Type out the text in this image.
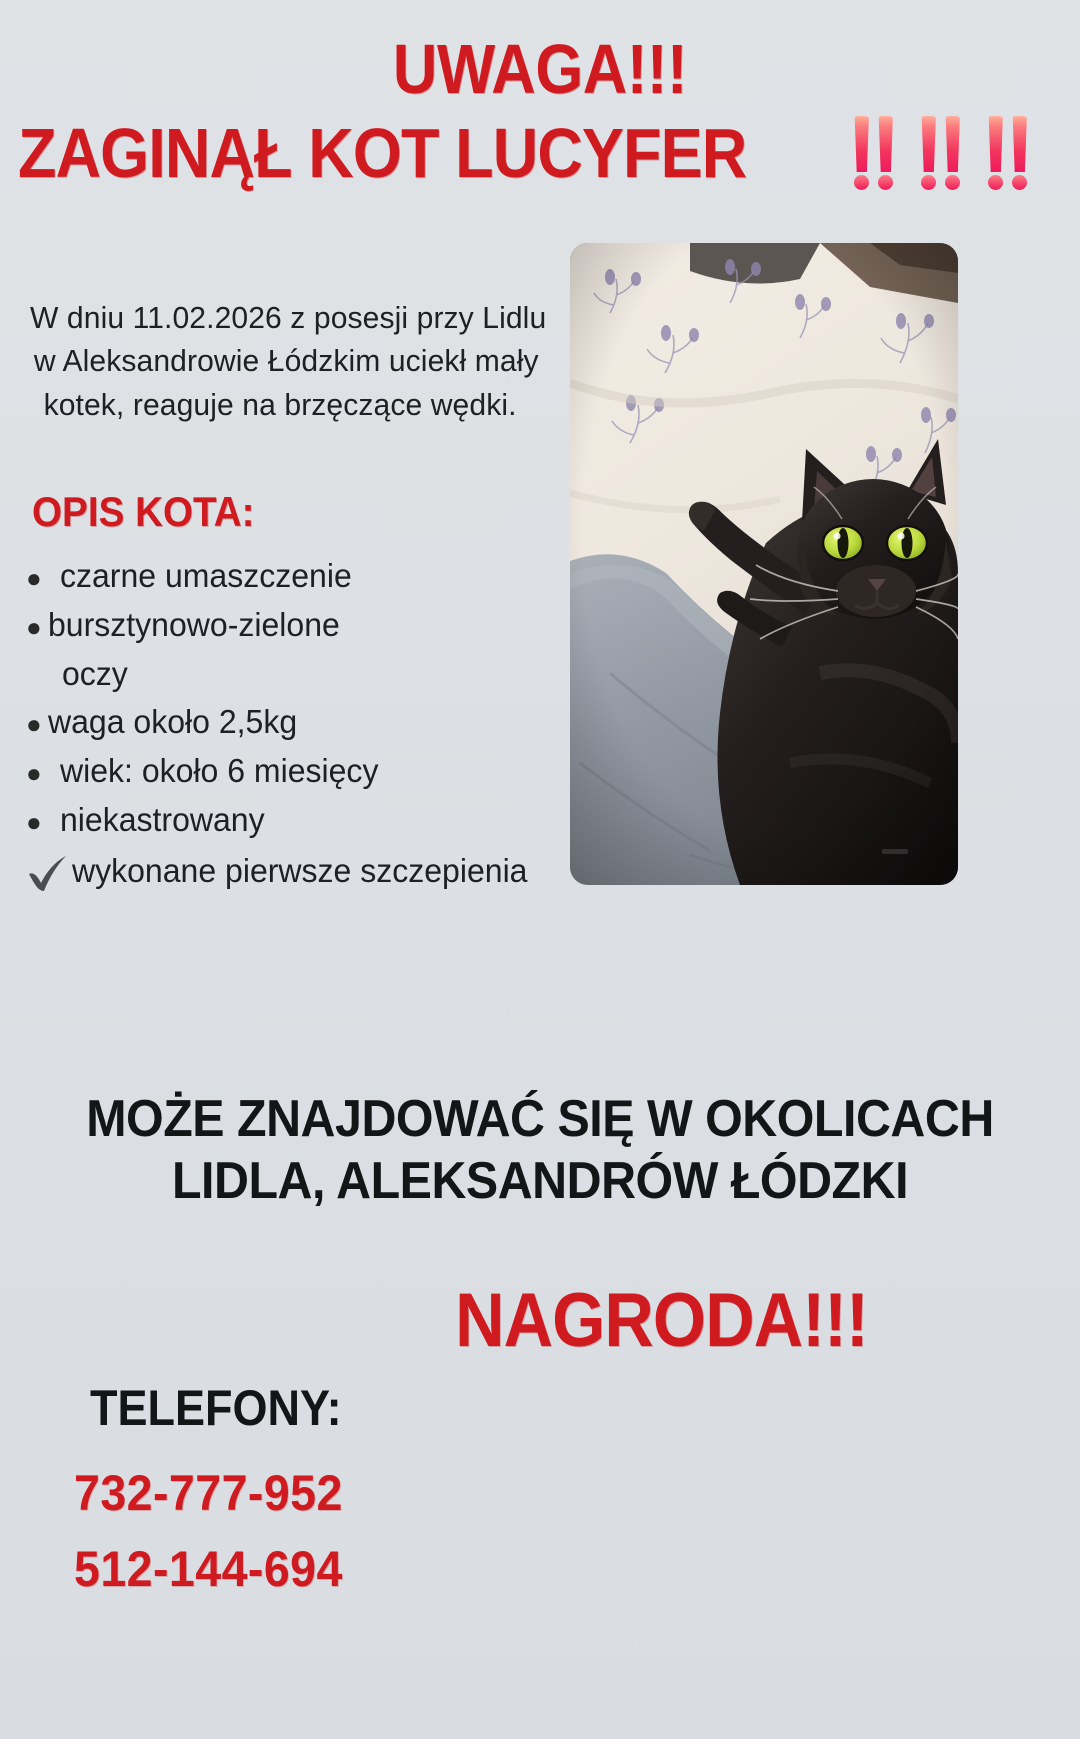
UWAGA!!!
ZAGINĄŁ KOT LUCYFER
W dniu 11.02.2026 z posesji przy Lidlu
w Aleksandrowie Łódzkim uciekł mały
kotek, reaguje na brzęczące wędki.
OPIS KOTA:
● czarne umaszczenie
● bursztynowo-zielone
oczy
● waga około 2,5kg
● wiek: około 6 miesięcy
● niekastrowany
wykonane pierwsze szczepienia
MOŻE ZNAJDOWAĆ SIĘ W OKOLICACH
LIDLA, ALEKSANDRÓW ŁÓDZKI
NAGRODA!!!
TELEFONY:
732-777-952
512-144-694
